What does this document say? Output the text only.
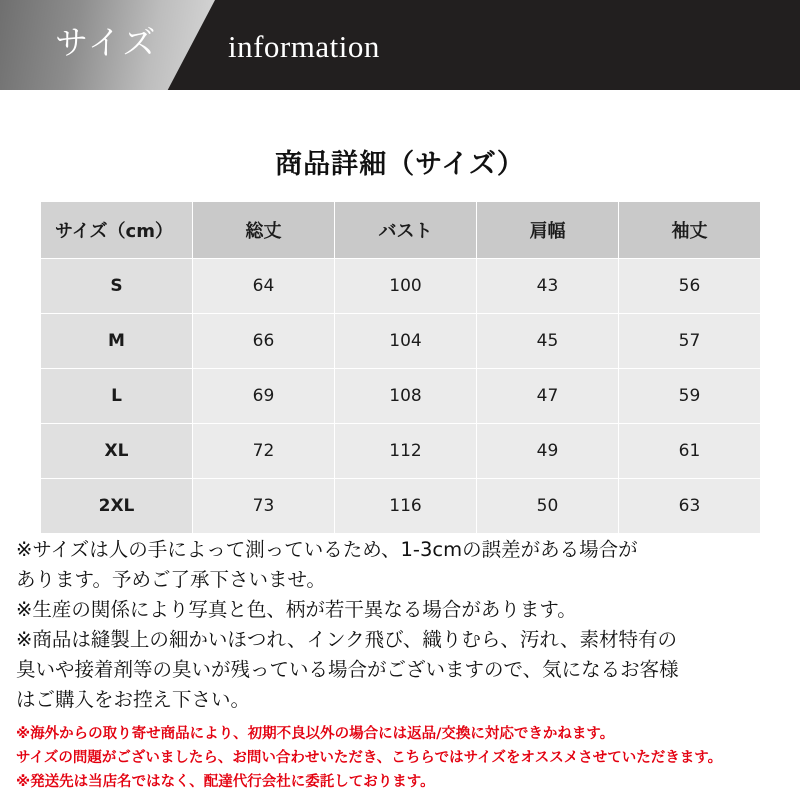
サイズ information
商品詳細（サイズ）
サイズ（cm）	総丈	バスト	肩幅	袖丈
S	64	100	43	56
M	66	104	45	57
L	69	108	47	59
XL	72	112	49	61
2XL	73	116	50	63
※サイズは人の手によって測っているため、1-3cmの誤差がある場合が
あります。予めご了承下さいませ。
※生産の関係により写真と色、柄が若干異なる場合があります。
※商品は縫製上の細かいほつれ、インク飛び、織りむら、汚れ、素材特有の
臭いや接着剤等の臭いが残っている場合がございますので、気になるお客様
はご購入をお控え下さい。
※海外からの取り寄せ商品により、初期不良以外の場合には返品/交換に対応できかねます。
サイズの問題がございましたら、お問い合わせいただき、こちらではサイズをオススメさせていただきます。
※発送先は当店名ではなく、配達代行会社に委託しております。
